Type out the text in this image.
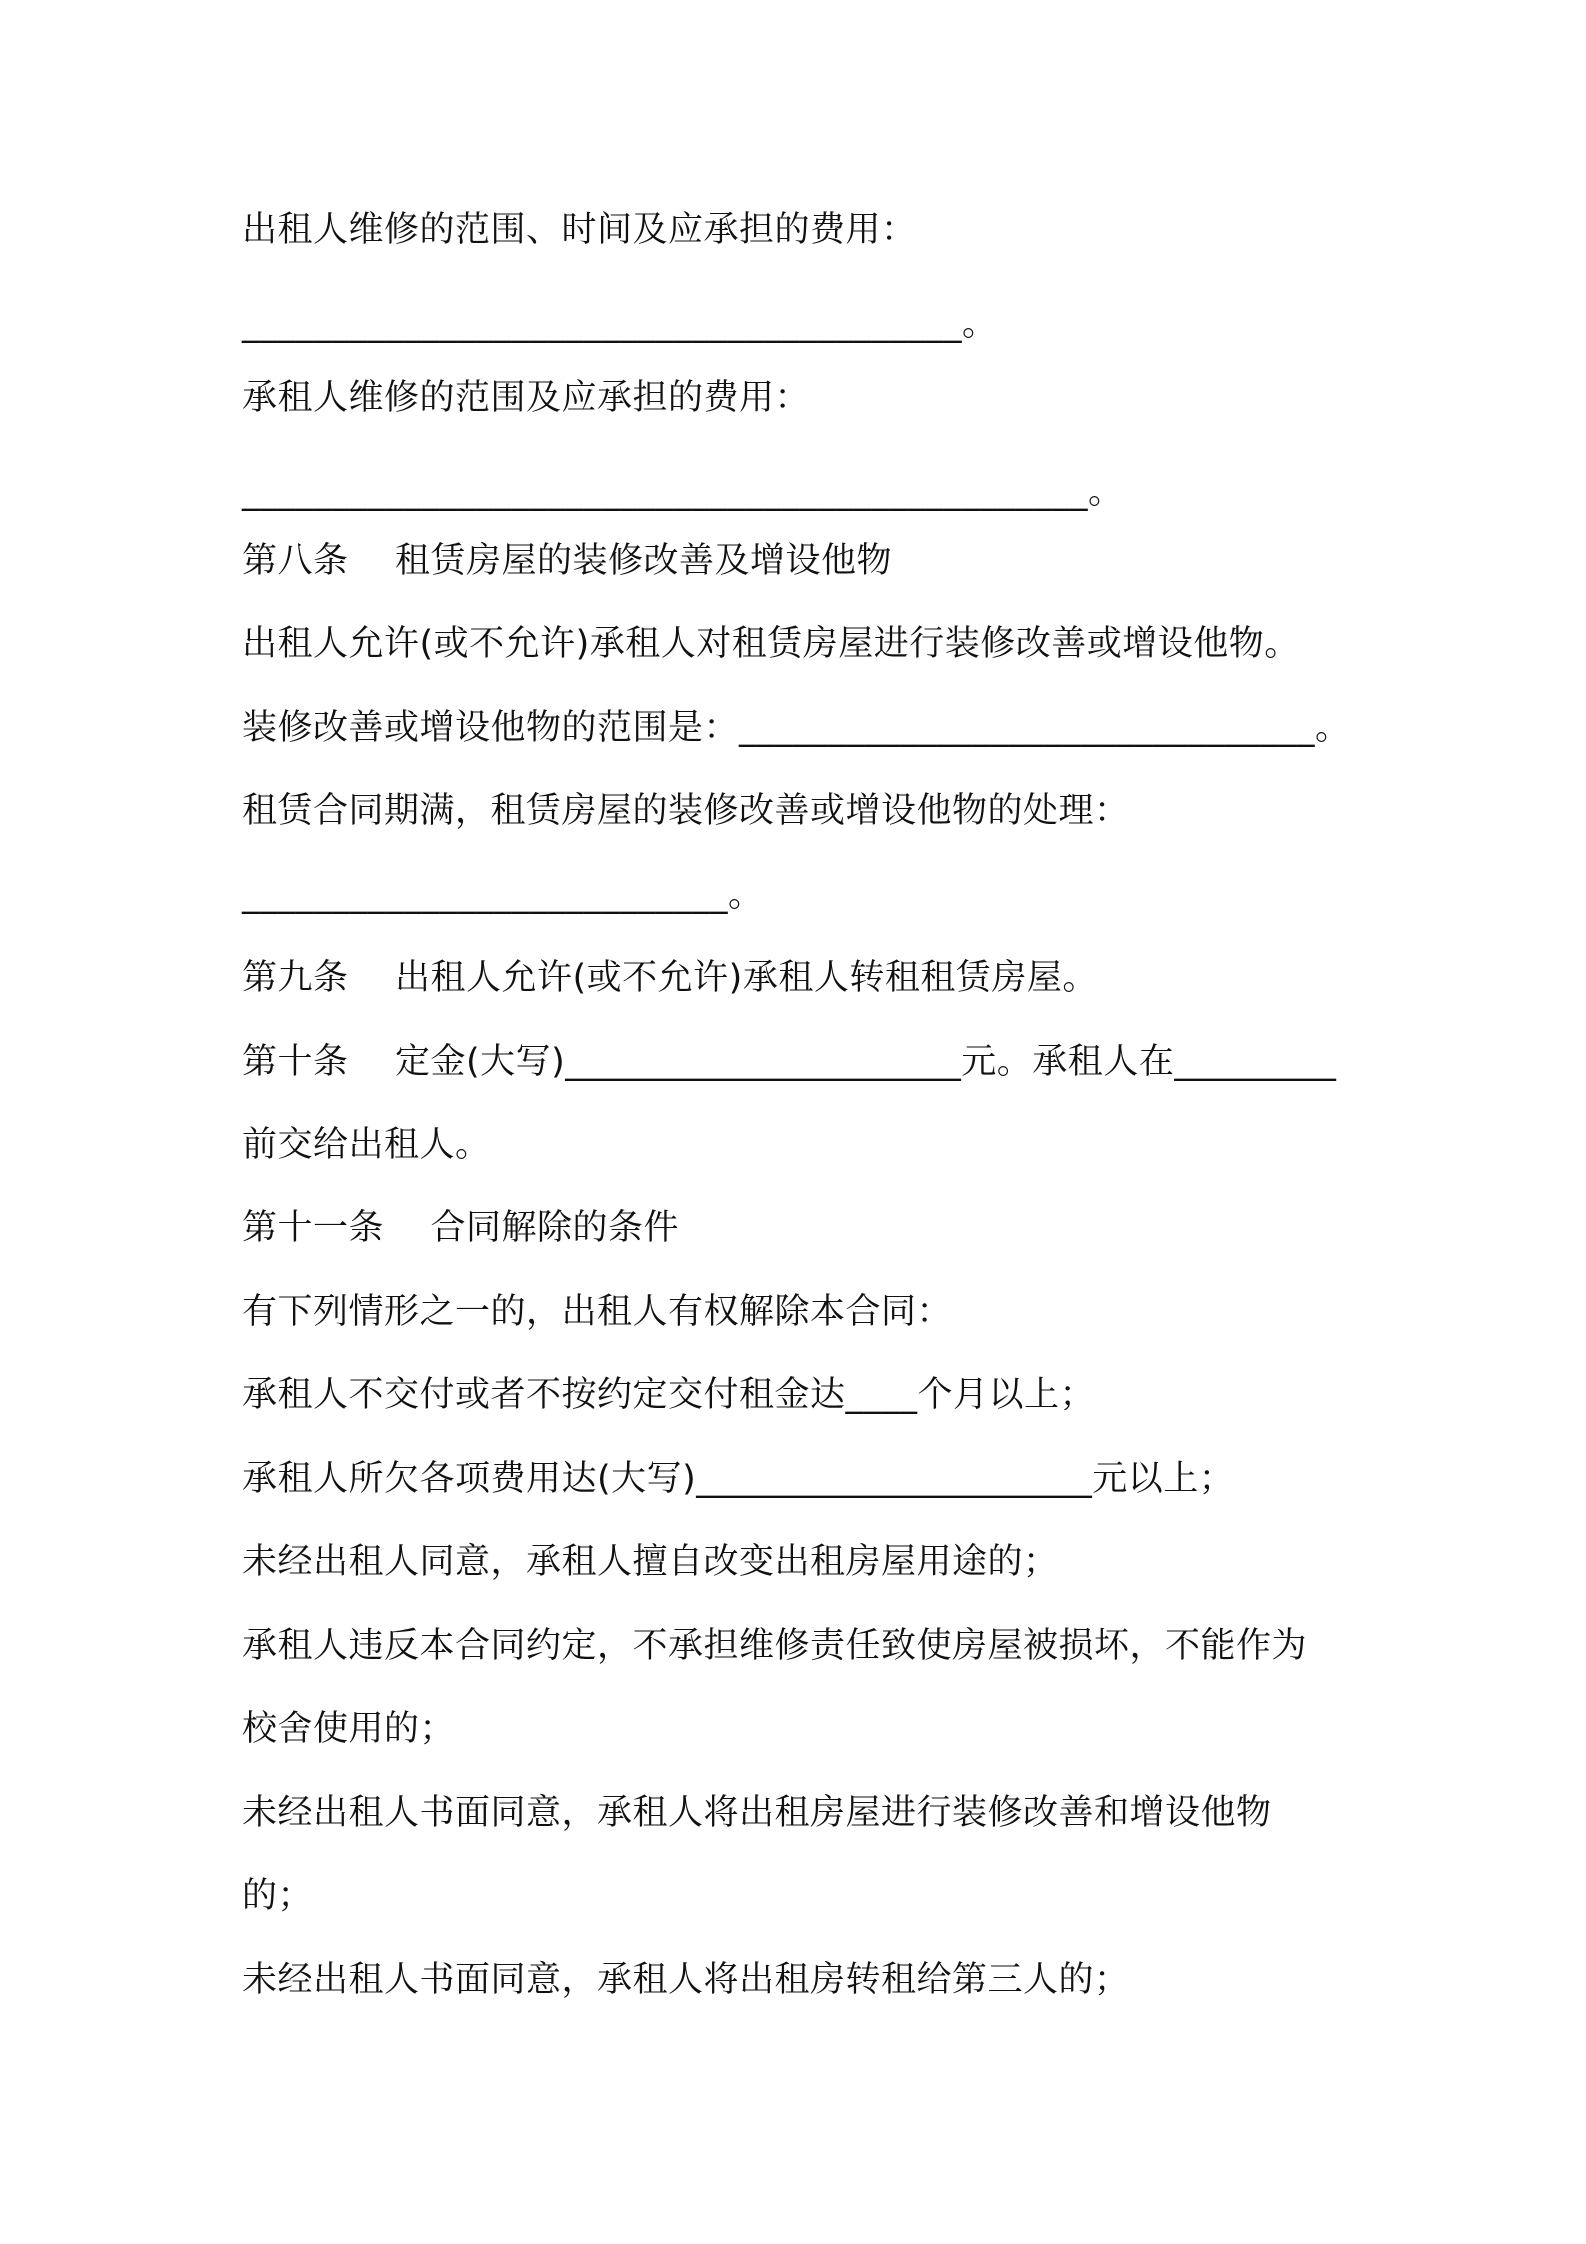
出租人维修的范围、时间及应承担的费用：
________________________________________。
承租人维修的范围及应承担的费用：
_______________________________________________。
第八条    租赁房屋的装修改善及增设他物
出租人允许(或不允许)承租人对租赁房屋进行装修改善或增设他物。
装修改善或增设他物的范围是：________________________________。
租赁合同期满，租赁房屋的装修改善或增设他物的处理：
___________________________。
第九条    出租人允许(或不允许)承租人转租租赁房屋。
第十条    定金(大写)______________________元。承租人在_________
前交给出租人。
第十一条    合同解除的条件
有下列情形之一的，出租人有权解除本合同：
承租人不交付或者不按约定交付租金达____个月以上；
承租人所欠各项费用达(大写)______________________元以上；
未经出租人同意，承租人擅自改变出租房屋用途的；
承租人违反本合同约定，不承担维修责任致使房屋被损坏，不能作为
校舍使用的；
未经出租人书面同意，承租人将出租房屋进行装修改善和增设他物
的；
未经出租人书面同意，承租人将出租房转租给第三人的；
